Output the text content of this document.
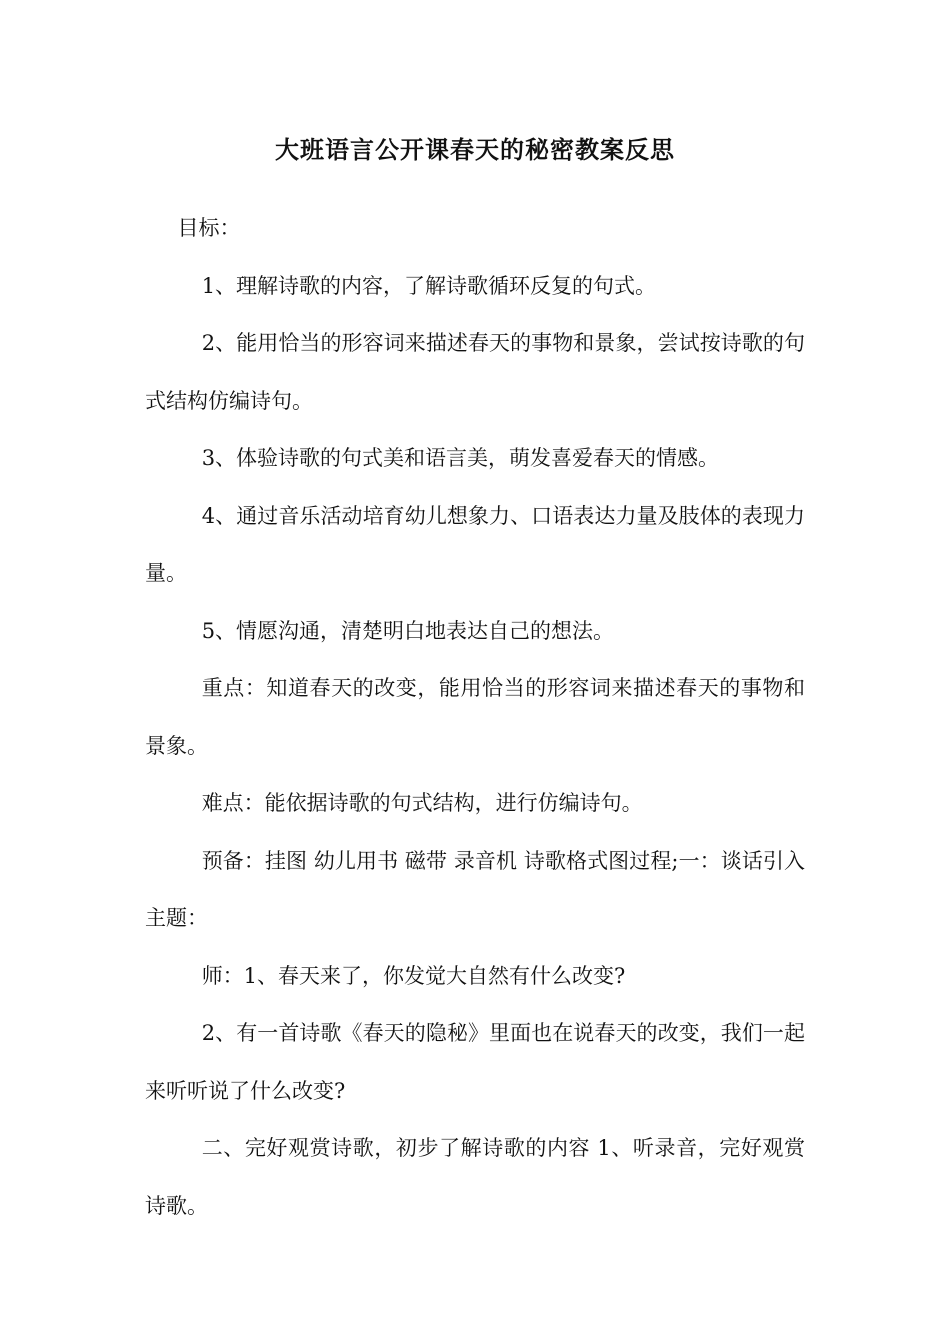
大班语言公开课春天的秘密教案反思

目标：

1、理解诗歌的内容，了解诗歌循环反复的句式。

2、能用恰当的形容词来描述春天的事物和景象，尝试按诗歌的句式结构仿编诗句。

3、体验诗歌的句式美和语言美，萌发喜爱春天的情感。

4、通过音乐活动培育幼儿想象力、口语表达力量及肢体的表现力量。

5、情愿沟通，清楚明白地表达自己的想法。

重点：知道春天的改变，能用恰当的形容词来描述春天的事物和景象。

难点：能依据诗歌的句式结构，进行仿编诗句。

预备：挂图 幼儿用书 磁带 录音机 诗歌格式图过程;一：谈话引入主题：

师：1、春天来了，你发觉大自然有什么改变?

2、有一首诗歌《春天的隐秘》里面也在说春天的改变，我们一起来听听说了什么改变?

二、完好观赏诗歌，初步了解诗歌的内容 1、听录音，完好观赏诗歌。
